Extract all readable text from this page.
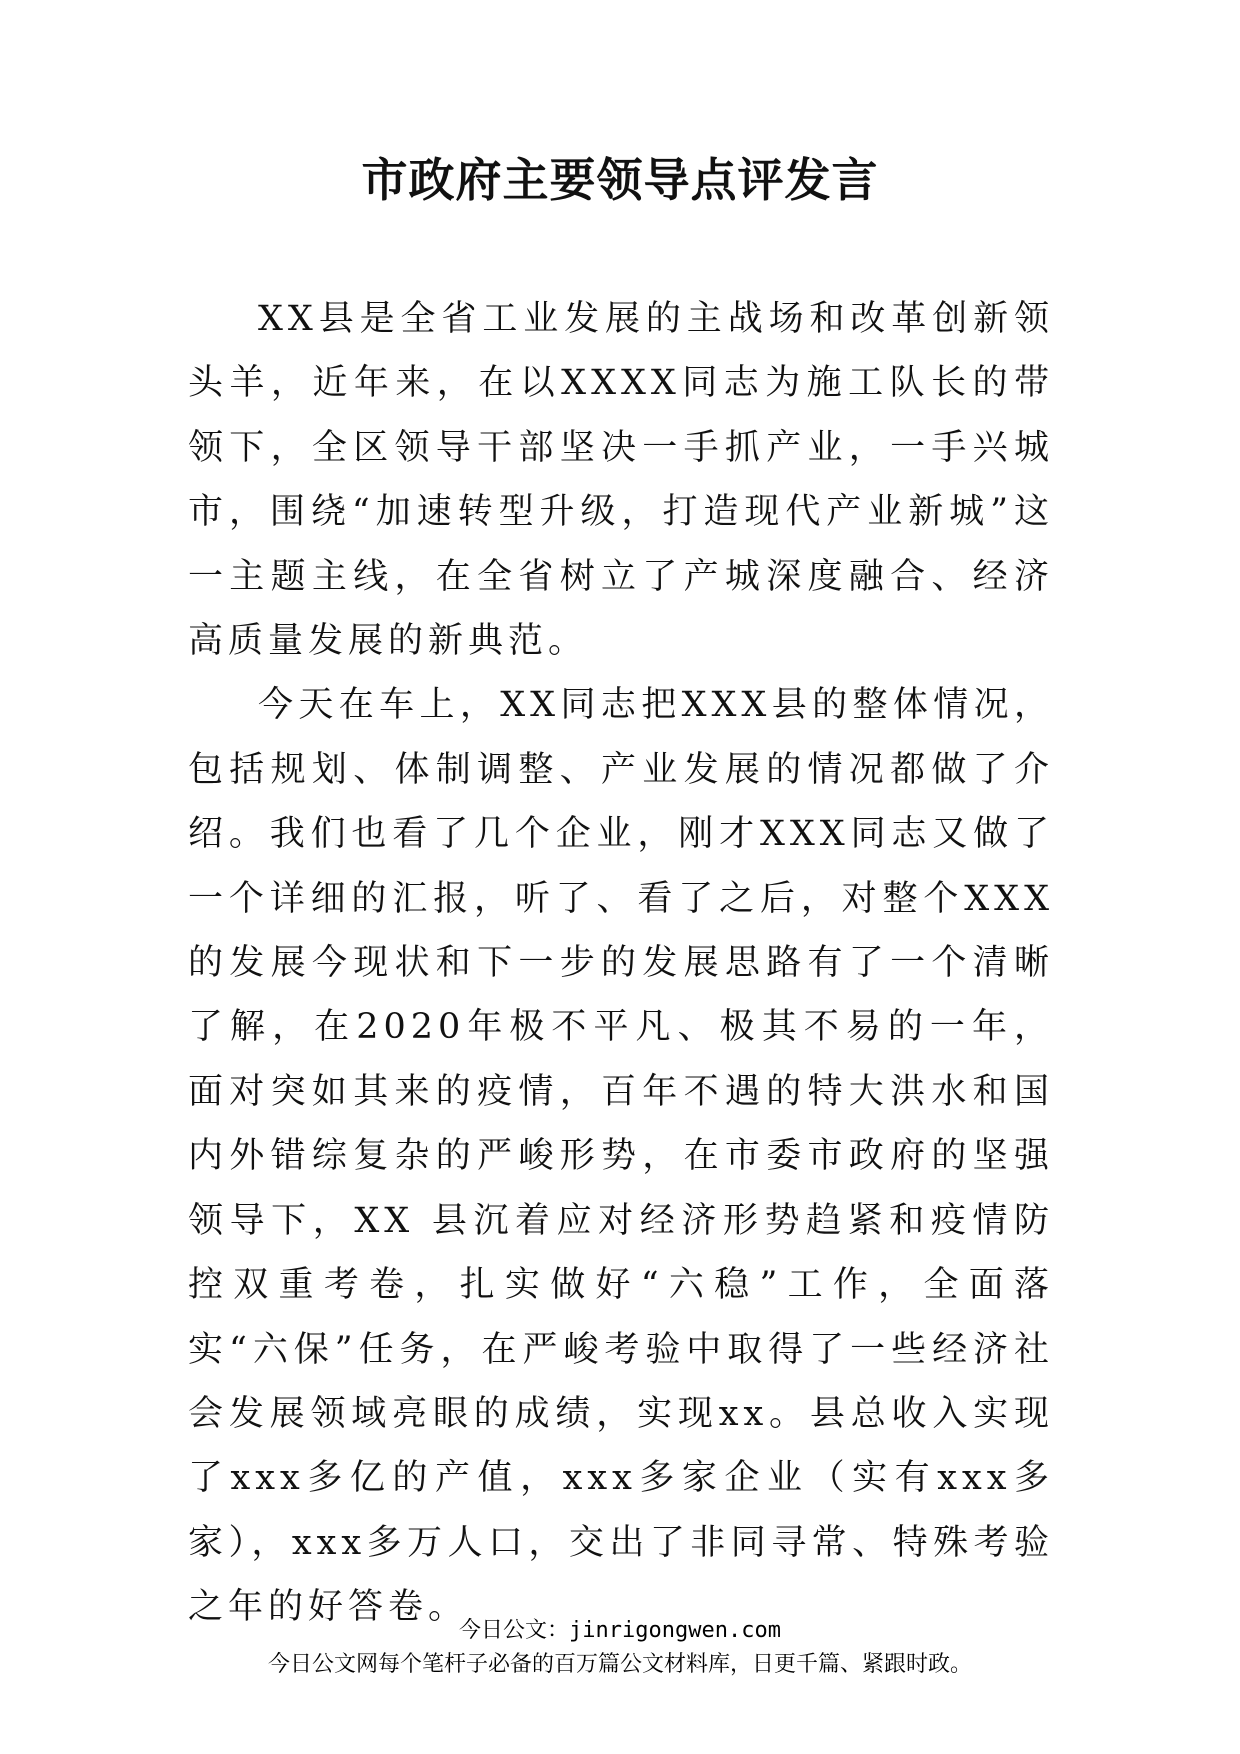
市政府主要领导点评发言

XX县是全省工业发展的主战场和改革创新领头羊，近年来，在以XXXX同志为施工队长的带领下，全区领导干部坚决一手抓产业，一手兴城市，围绕“加速转型升级，打造现代产业新城”这一主题主线，在全省树立了产城深度融合、经济高质量发展的新典范。

今天在车上，XX同志把XXX县的整体情况，包括规划、体制调整、产业发展的情况都做了介绍。我们也看了几个企业，刚才XXX同志又做了一个详细的汇报，听了、看了之后，对整个XXX的发展今现状和下一步的发展思路有了一个清晰了解，在2020年极不平凡、极其不易的一年，面对突如其来的疫情，百年不遇的特大洪水和国内外错综复杂的严峻形势，在市委市政府的坚强领导下，XX 县沉着应对经济形势趋紧和疫情防控双重考卷，扎实做好“六稳”工作，全面落实“六保”任务，在严峻考验中取得了一些经济社会发展领域亮眼的成绩，实现xx。县总收入实现了xxx多亿的产值，xxx多家企业（实有xxx多家），xxx多万人口，交出了非同寻常、特殊考验之年的好答卷。

今日公文：jinrigongwen.com
今日公文网每个笔杆子必备的百万篇公文材料库，日更千篇、紧跟时政。
